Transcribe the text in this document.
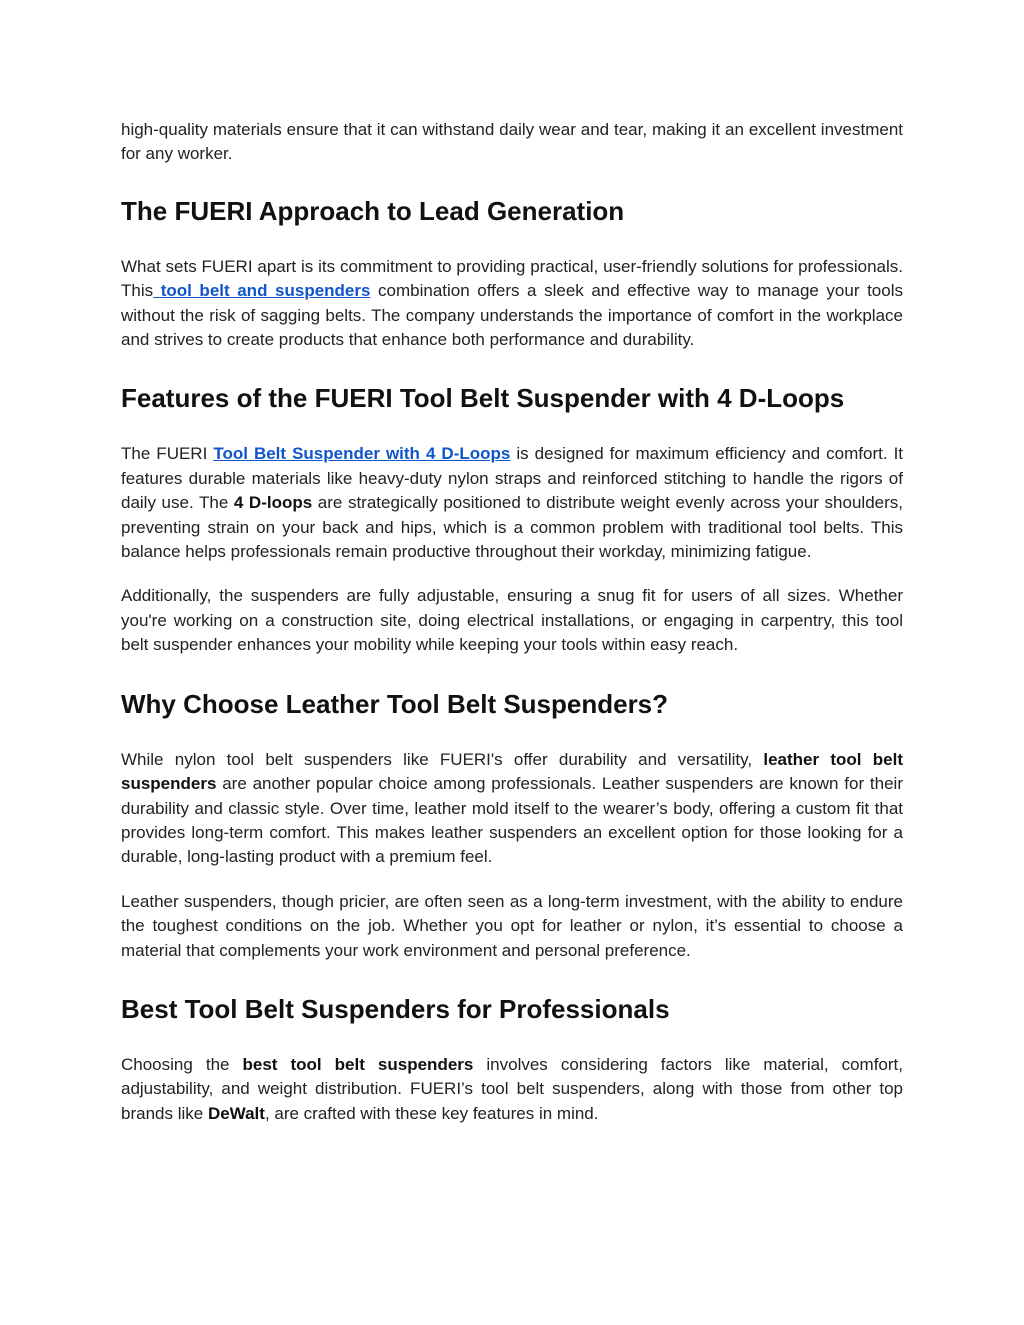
high-quality materials ensure that it can withstand daily wear and tear, making it an excellent investment for any worker.

The FUERI Approach to Lead Generation

What sets FUERI apart is its commitment to providing practical, user-friendly solutions for professionals. This tool belt and suspenders combination offers a sleek and effective way to manage your tools without the risk of sagging belts. The company understands the importance of comfort in the workplace and strives to create products that enhance both performance and durability.

Features of the FUERI Tool Belt Suspender with 4 D-Loops

The FUERI Tool Belt Suspender with 4 D-Loops is designed for maximum efficiency and comfort. It features durable materials like heavy-duty nylon straps and reinforced stitching to handle the rigors of daily use. The 4 D-loops are strategically positioned to distribute weight evenly across your shoulders, preventing strain on your back and hips, which is a common problem with traditional tool belts. This balance helps professionals remain productive throughout their workday, minimizing fatigue.

Additionally, the suspenders are fully adjustable, ensuring a snug fit for users of all sizes. Whether you're working on a construction site, doing electrical installations, or engaging in carpentry, this tool belt suspender enhances your mobility while keeping your tools within easy reach.

Why Choose Leather Tool Belt Suspenders?

While nylon tool belt suspenders like FUERI's offer durability and versatility, leather tool belt suspenders are another popular choice among professionals. Leather suspenders are known for their durability and classic style. Over time, leather mold itself to the wearer’s body, offering a custom fit that provides long-term comfort. This makes leather suspenders an excellent option for those looking for a durable, long-lasting product with a premium feel.

Leather suspenders, though pricier, are often seen as a long-term investment, with the ability to endure the toughest conditions on the job. Whether you opt for leather or nylon, it’s essential to choose a material that complements your work environment and personal preference.

Best Tool Belt Suspenders for Professionals

Choosing the best tool belt suspenders involves considering factors like material, comfort, adjustability, and weight distribution. FUERI’s tool belt suspenders, along with those from other top brands like DeWalt, are crafted with these key features in mind.
